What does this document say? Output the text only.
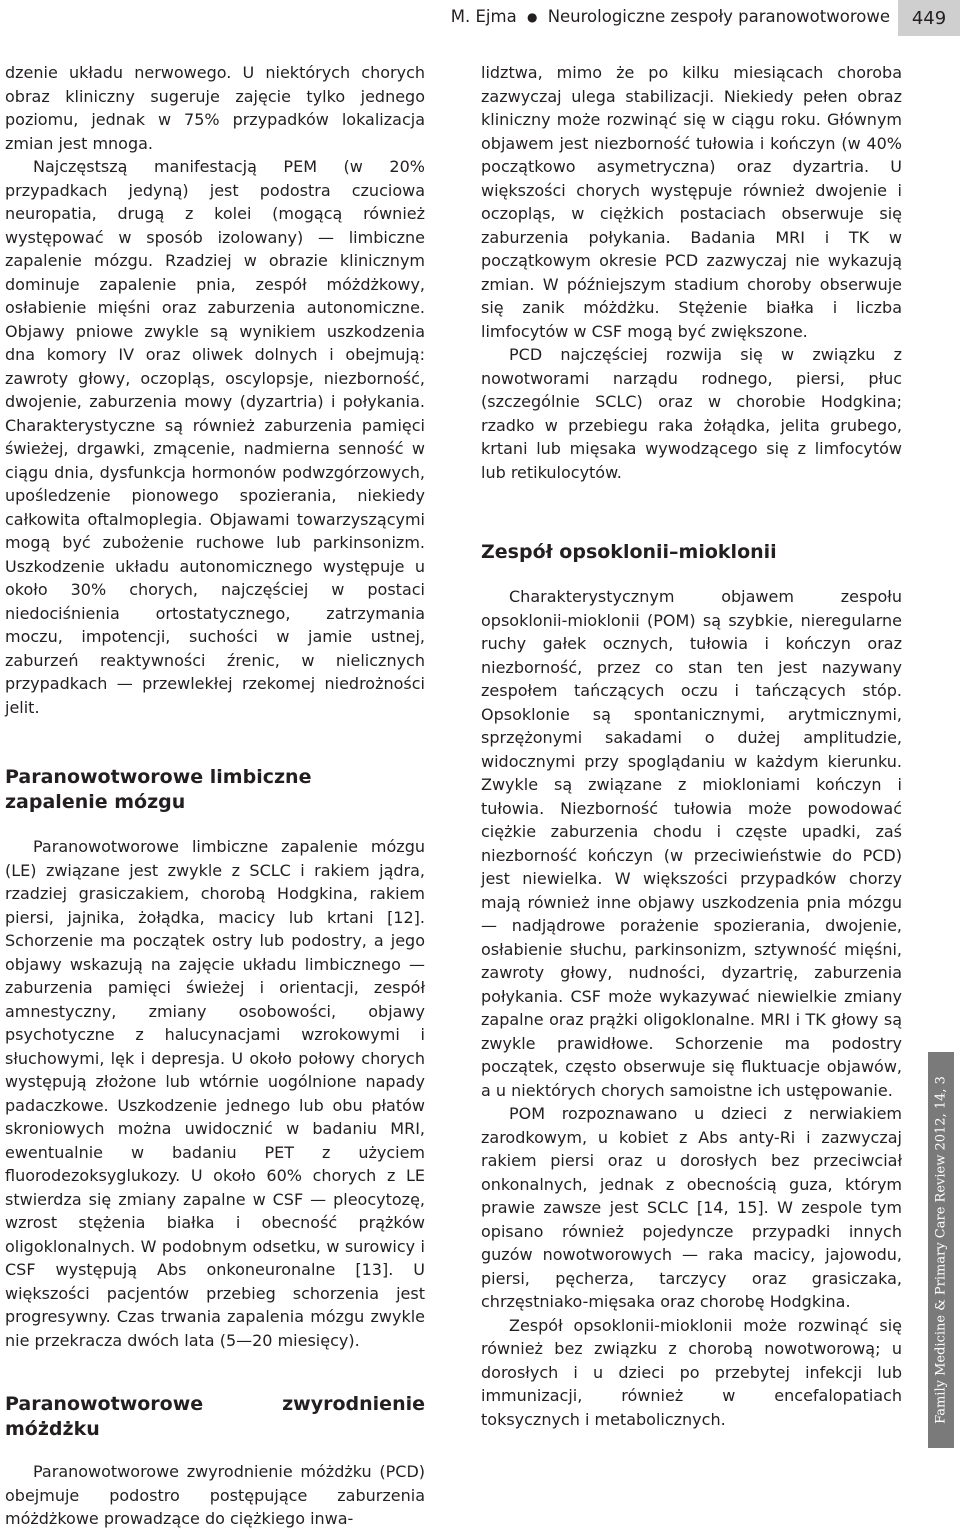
M. Ejma ● Neurologiczne zespoły paranowotworowe	449

dzenie układu nerwowego. U niektórych chorych obraz kliniczny sugeruje zajęcie tylko jednego poziomu, jednak w 75% przypadków lokalizacja zmian jest mnoga.

Najczęstszą manifestacją PEM (w 20% przypadkach jedyną) jest podostra czuciowa neuropatia, drugą z kolei (mogącą również występować w sposób izolowany) — limbiczne zapalenie mózgu. Rzadziej w obrazie klinicznym dominuje zapalenie pnia, zespół móżdżkowy, osłabienie mięśni oraz zaburzenia autonomiczne. Objawy pniowe zwykle są wynikiem uszkodzenia dna komory IV oraz oliwek dolnych i obejmują: zawroty głowy, oczopląs, oscylopsje, niezborność, dwojenie, zaburzenia mowy (dyzartria) i połykania. Charakterystyczne są również zaburzenia pamięci świeżej, drgawki, zmącenie, nadmierna senność w ciągu dnia, dysfunkcja hormonów podwzgórzowych, upośledzenie pionowego spozierania, niekiedy całkowita oftalmoplegia. Objawami towarzyszącymi mogą być zubożenie ruchowe lub parkinsonizm. Uszkodzenie układu autonomicznego występuje u około 30% chorych, najczęściej w postaci niedociśnienia ortostatycznego, zatrzymania moczu, impotencji, suchości w jamie ustnej, zaburzeń reaktywności źrenic, w nielicznych przypadkach — przewlekłej rzekomej niedrożności jelit.

Paranowotworowe limbiczne
zapalenie mózgu

Paranowotworowe limbiczne zapalenie mózgu (LE) związane jest zwykle z SCLC i rakiem jądra, rzadziej grasiczakiem, chorobą Hodgkina, rakiem piersi, jajnika, żołądka, macicy lub krtani [12]. Schorzenie ma początek ostry lub podostry, a jego objawy wskazują na zajęcie układu limbicznego — zaburzenia pamięci świeżej i orientacji, zespół amnestyczny, zmiany osobowości, objawy psychotyczne z halucynacjami wzrokowymi i słuchowymi, lęk i depresja. U około połowy chorych występują złożone lub wtórnie uogólnione napady padaczkowe. Uszkodzenie jednego lub obu płatów skroniowych można uwidocznić w badaniu MRI, ewentualnie w badaniu PET z użyciem fluorodezoksyglukozy. U około 60% chorych z LE stwierdza się zmiany zapalne w CSF — pleocytozę, wzrost stężenia białka i obecność prążków oligoklonalnych. W podobnym odsetku, w surowicy i CSF występują Abs onkoneuronalne [13]. U większości pacjentów przebieg schorzenia jest progresywny. Czas trwania zapalenia mózgu zwykle nie przekracza dwóch lata (5—20 miesięcy).

Paranowotworowe zwyrodnienie móżdżku

Paranowotworowe zwyrodnienie móżdżku (PCD) obejmuje podostro postępujące zaburzenia móżdżkowe prowadzące do ciężkiego inwa-

lidztwa, mimo że po kilku miesiącach choroba zazwyczaj ulega stabilizacji. Niekiedy pełen obraz kliniczny może rozwinąć się w ciągu roku. Głównym objawem jest niezborność tułowia i kończyn (w 40% początkowo asymetryczna) oraz dyzartria. U większości chorych występuje również dwojenie i oczopląs, w ciężkich postaciach obserwuje się zaburzenia połykania. Badania MRI i TK w początkowym okresie PCD zazwyczaj nie wykazują zmian. W późniejszym stadium choroby obserwuje się zanik móżdżku. Stężenie białka i liczba limfocytów w CSF mogą być zwiększone.

PCD najczęściej rozwija się w związku z nowotworami narządu rodnego, piersi, płuc (szczególnie SCLC) oraz w chorobie Hodgkina; rzadko w przebiegu raka żołądka, jelita grubego, krtani lub mięsaka wywodzącego się z limfocytów lub retikulocytów.

Zespół opsoklonii–mioklonii

Charakterystycznym objawem zespołu opsoklonii-mioklonii (POM) są szybkie, nieregularne ruchy gałek ocznych, tułowia i kończyn oraz niezborność, przez co stan ten jest nazywany zespołem tańczących oczu i tańczących stóp. Opsoklonie są spontanicznymi, arytmicznymi, sprzężonymi sakadami o dużej amplitudzie, widocznymi przy spoglądaniu w każdym kierunku. Zwykle są związane z miokloniami kończyn i tułowia. Niezborność tułowia może powodować ciężkie zaburzenia chodu i częste upadki, zaś niezborność kończyn (w przeciwieństwie do PCD) jest niewielka. W większości przypadków chorzy mają również inne objawy uszkodzenia pnia mózgu — nadjądrowe porażenie spozierania, dwojenie, osłabienie słuchu, parkinsonizm, sztywność mięśni, zawroty głowy, nudności, dyzartrię, zaburzenia połykania. CSF może wykazywać niewielkie zmiany zapalne oraz prążki oligoklonalne. MRI i TK głowy są zwykle prawidłowe. Schorzenie ma podostry początek, często obserwuje się fluktuacje objawów, a u niektórych chorych samoistne ich ustępowanie.

POM rozpoznawano u dzieci z nerwiakiem zarodkowym, u kobiet z Abs anty-Ri i zazwyczaj rakiem piersi oraz u dorosłych bez przeciwciał onkonalnych, jednak z obecnością guza, którym prawie zawsze jest SCLC [14, 15]. W zespole tym opisano również pojedyncze przypadki innych guzów nowotworowych — raka macicy, jajowodu, piersi, pęcherza, tarczycy oraz grasiczaka, chrzęstniako-mięsaka oraz chorobę Hodgkina.

Zespół opsoklonii-mioklonii może rozwinąć się również bez związku z chorobą nowotworową; u dorosłych i u dzieci po przebytej infekcji lub immunizacji, również w encefalopatiach toksycznych i metabolicznych.	Family Medicine & Primary Care Review 2012, 14, 3
